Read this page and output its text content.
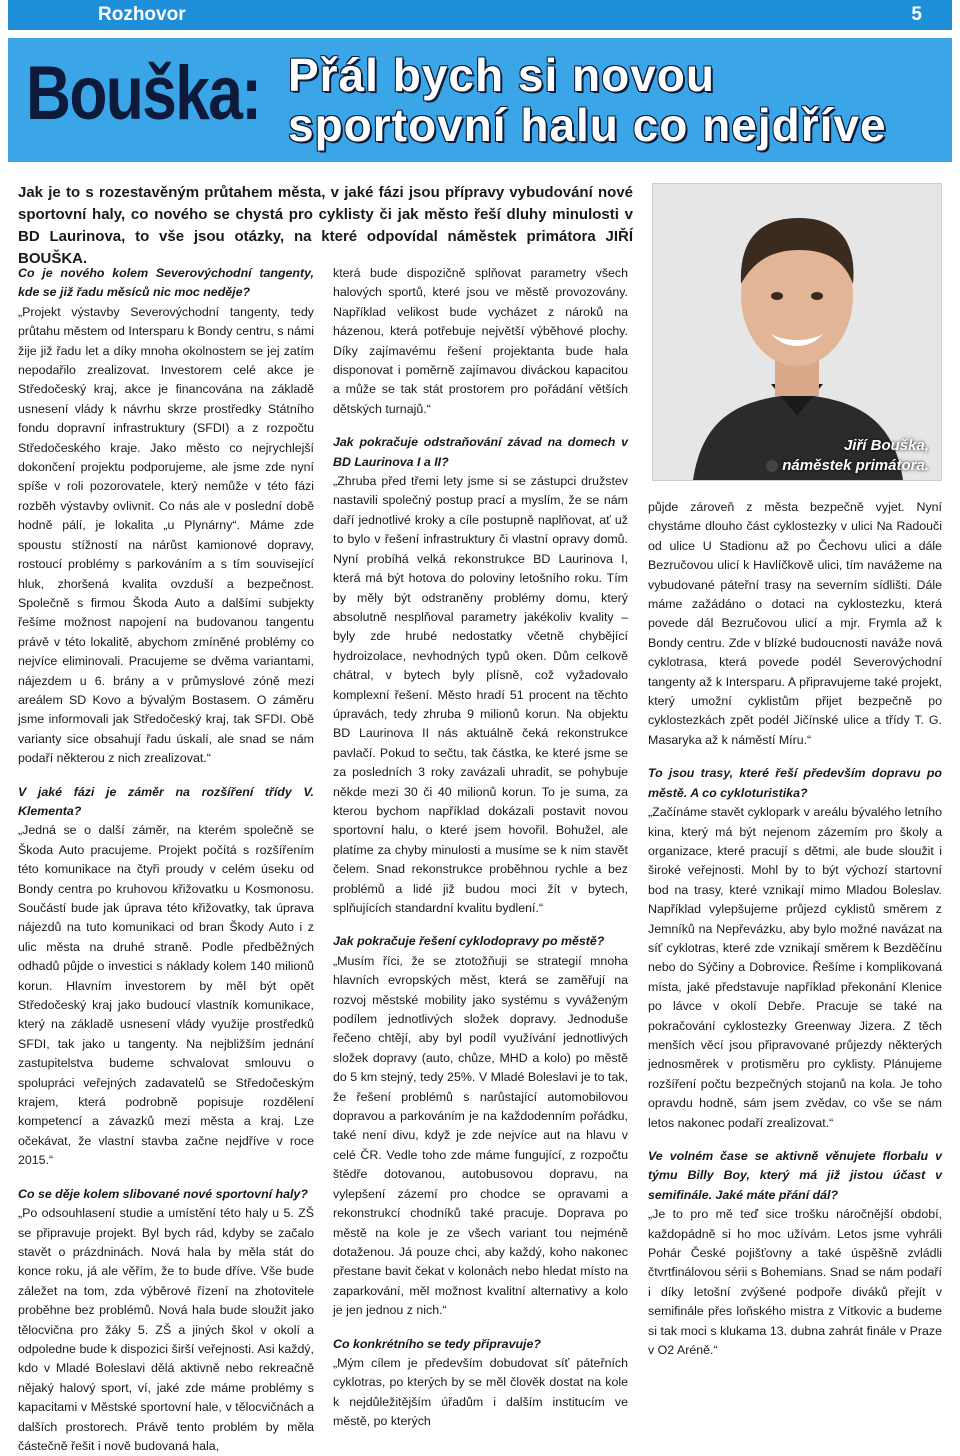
Rozhovor	5
Bouška: Přál bych si novou
sportovní halu co nejdříve
Jak je to s rozestavěným průtahem města, v jaké fázi jsou přípravy vybudování nové sportovní haly, co nového se chystá pro cyklisty či jak město řeší dluhy minulosti v BD Laurinova, to vše jsou otázky, na které odpovídal náměstek primátora JIŘÍ BOUŠKA.
Jiří Bouška,
náměstek primátora.

Co je nového kolem Severovýchodní tangenty, kde se již řadu měsíců nic moc neděje?

„Projekt výstavby Severovýchodní tangenty, tedy průtahu městem od Intersparu k Bondy centru, s námi žije již řadu let a díky mnoha okolnostem se jej zatím nepodařilo zrealizovat. Investorem celé akce je Středočeský kraj, akce je financována na základě usnesení vlády k návrhu skrze prostředky Státního fondu dopravní infrastruktury (SFDI) a z rozpočtu Středočeského kraje. Jako město co nejrychlejší dokončení projektu podporujeme, ale jsme zde nyní spíše v roli pozorovatele, který nemůže v této fázi rozběh výstavby ovlivnit. Co nás ale v poslední době hodně pálí, je lokalita „u Plynárny“. Máme zde spoustu stížností na nárůst kamionové dopravy, rostoucí problémy s parkováním a s tím související hluk, zhoršená kvalita ovzduší a bezpečnost. Společně s firmou Škoda Auto a dalšími subjekty řešíme možnost napojení na budovanou tangentu právě v této lokalitě, abychom zmíněné problémy co nejvíce eliminovali. Pracujeme se dvěma variantami, nájezdem u 6. brány a v průmyslové zóně mezi areálem SD Kovo a bývalým Bostasem. O záměru jsme informovali jak Středočeský kraj, tak SFDI. Obě varianty sice obsahují řadu úskalí, ale snad se nám podaří některou z nich zrealizovat.“

V jaké fázi je záměr na rozšíření třídy V. Klementa?

„Jedná se o další záměr, na kterém společně se Škoda Auto pracujeme. Projekt počítá s rozšířením této komunikace na čtyři proudy v celém úseku od Bondy centra po kruhovou křižovatku u Kosmonosu. Součástí bude jak úprava této křižovatky, tak úprava nájezdů na tuto komunikaci od bran Škody Auto i z ulic města na druhé straně. Podle předběžných odhadů půjde o investici s náklady kolem 140 milionů korun. Hlavním investorem by měl být opět Středočeský kraj jako budoucí vlastník komunikace, který na základě usnesení vlády využije prostředků SFDI, tak jako u tangenty. Na nejbližším jednání zastupitelstva budeme schvalovat smlouvu o spolupráci veřejných zadavatelů se Středočeským krajem, která podrobně popisuje rozdělení kompetencí a závazků mezi města a kraj. Lze očekávat, že vlastní stavba začne nejdříve v roce 2015.“

Co se děje kolem slibované nové sportovní haly?

„Po odsouhlasení studie a umístění této haly u 5. ZŠ se připravuje projekt. Byl bych rád, kdyby se začalo stavět o prázdninách. Nová hala by měla stát do konce roku, já ale věřím, že to bude dříve. Vše bude záležet na tom, zda výběrové řízení na zhotovitele proběhne bez problémů. Nová hala bude sloužit jako tělocvična pro žáky 5. ZŠ a jiných škol v okolí a odpoledne bude k dispozici širší veřejnosti. Asi každý, kdo v Mladé Boleslavi dělá aktivně nebo rekreačně nějaký halový sport, ví, jaké zde máme problémy s kapacitami v Městské sportovní hale, v tělocvičnách a dalších prostorech. Právě tento problém by měla částečně řešit i nově budovaná hala,

která bude dispozičně splňovat parametry všech halových sportů, které jsou ve městě provozovány. Například velikost bude vycházet z nároků na házenou, která potřebuje největší výběhové plochy. Díky zajímavému řešení projektanta bude hala disponovat i poměrně zajímavou diváckou kapacitou a může se tak stát prostorem pro pořádání větších dětských turnajů.“

Jak pokračuje odstraňování závad na domech v BD Laurinova I a II?

„Zhruba před třemi lety jsme si se zástupci družstev nastavili společný postup prací a myslím, že se nám daří jednotlivé kroky a cíle postupně naplňovat, ať už to bylo v řešení infrastruktury či vlastní opravy domů. Nyní probíhá velká rekonstrukce BD Laurinova I, která má být hotova do poloviny letošního roku. Tím by měly být odstraněny problémy domu, který absolutně nesplňoval parametry jakékoliv kvality – byly zde hrubé nedostatky včetně chybějící hydroizolace, nevhodných typů oken. Dům celkově chátral, v bytech byly plísně, což vyžadovalo komplexní řešení. Město hradí 51 procent na těchto úpravách, tedy zhruba 9 milionů korun. Na objektu BD Laurinova II nás aktuálně čeká rekonstrukce pavlačí. Pokud to sečtu, tak částka, ke které jsme se za posledních 3 roky zavázali uhradit, se pohybuje někde mezi 30 či 40 milionů korun. To je suma, za kterou bychom například dokázali postavit novou sportovní halu, o které jsem hovořil. Bohužel, ale platíme za chyby minulosti a musíme se k nim stavět čelem. Snad rekonstrukce proběhnou rychle a bez problémů a lidé již budou moci žít v bytech, splňujících standardní kvalitu bydlení.“

Jak pokračuje řešení cyklodopravy po městě?

„Musím říci, že se ztotožňuji se strategií mnoha hlavních evropských měst, která se zaměřují na rozvoj městské mobility jako systému s vyváženým podílem jednotlivých složek dopravy. Jednoduše řečeno chtějí, aby byl podíl využívání jednotlivých složek dopravy (auto, chůze, MHD a kolo) po městě do 5 km stejný, tedy 25%. V Mladé Boleslavi je to tak, že řešení problémů s narůstající automobilovou dopravou a parkováním je na každodenním pořádku, také není divu, když je zde nejvíce aut na hlavu v celé ČR. Vedle toho zde máme fungující, z rozpočtu štědře dotovanou, autobusovou dopravu, na vylepšení zázemí pro chodce se opravami a rekonstrukcí chodníků také pracuje. Doprava po městě na kole je ze všech variant tou nejméně dotaženou. Já pouze chci, aby každý, koho nakonec přestane bavit čekat v kolonách nebo hledat místo na zaparkování, měl možnost kvalitní alternativy a kolo je jen jednou z nich.“

Co konkrétního se tedy připravuje?

„Mým cílem je především dobudovat síť páteřních cyklotras, po kterých by se měl člověk dostat na kole k nejdůležitějším úřadům i dalším institucím ve městě, po kterých

půjde zároveň z města bezpečně vyjet. Nyní chystáme dlouho část cyklostezky v ulici Na Radouči od ulice U Stadionu až po Čechovu ulici a dále Bezručovou ulicí k Havlíčkově ulici, tím navážeme na vybudované páteřní trasy na severním sídlišti. Dále máme zažádáno o dotaci na cyklostezku, která povede dál Bezručovou ulicí a mjr. Frymla až k Bondy centru. Zde v blízké budoucnosti naváže nová cyklotrasa, která povede podél Severovýchodní tangenty až k Intersparu. A připravujeme také projekt, který umožní cyklistům přijet bezpečně po cyklostezkách zpět podél Jičínské ulice a třídy T. G. Masaryka až k náměstí Míru.“

To jsou trasy, které řeší především dopravu po městě. A co cykloturistika?

„Začínáme stavět cyklopark v areálu bývalého letního kina, který má být nejenom zázemím pro školy a organizace, které pracují s dětmi, ale bude sloužit i široké veřejnosti. Mohl by to být výchozí startovní bod na trasy, které vznikají mimo Mladou Boleslav. Například vylepšujeme průjezd cyklistů směrem z Jemníků na Nepřevázku, aby bylo možné navázat na síť cyklotras, které zde vznikají směrem k Bezděčínu nebo do Sýčiny a Dobrovice. Řešíme i komplikovaná místa, jaké představuje například překonání Klenice po lávce v okolí Debře. Pracuje se také na pokračování cyklostezky Greenway Jizera. Z těch menších věcí jsou připravované průjezdy některých jednosměrek v protisměru pro cyklisty. Plánujeme rozšíření počtu bezpečných stojanů na kola. Je toho opravdu hodně, sám jsem zvědav, co vše se nám letos nakonec podaří zrealizovat.“

Ve volném čase se aktivně věnujete florbalu v týmu Billy Boy, který má již jistou účast v semifinále. Jaké máte přání dál?

„Je to pro mě teď sice trošku náročnější období, každopádně si ho moc užívám. Letos jsme vyhráli Pohár České pojišťovny a také úspěšně zvládli čtvrtfinálovou sérii s Bohemians. Snad se nám podaří i díky letošní zvýšené podpoře diváků přejít v semifinále přes loňského mistra z Vítkovic a budeme si tak moci s klukama 13. dubna zahrát finále v Praze v O2 Aréně.“
